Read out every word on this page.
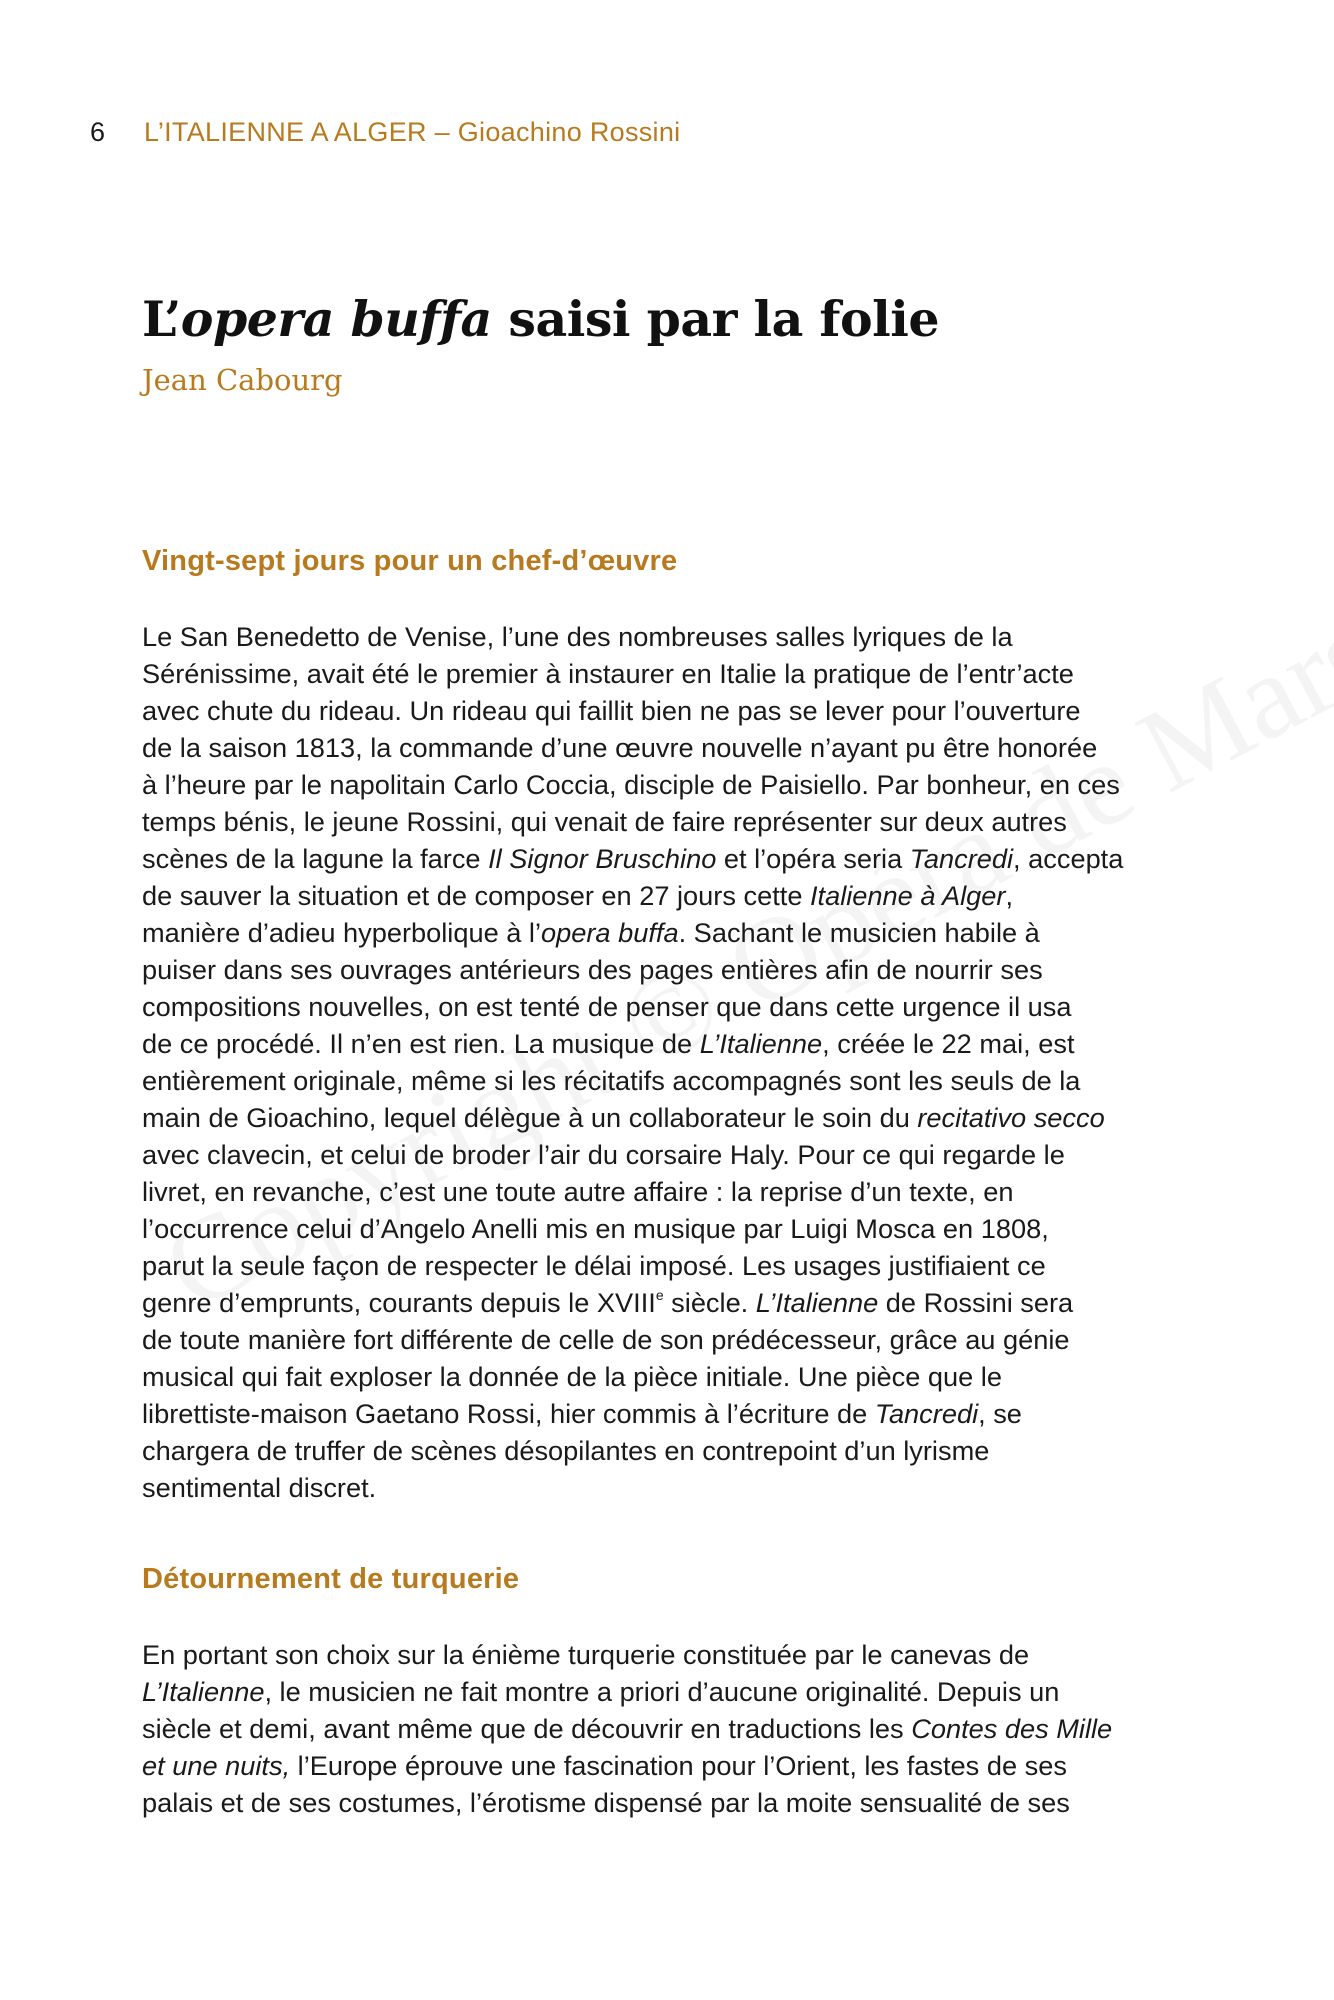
6 L’ITALIENNE A ALGER – Gioachino Rossini
L’opera buffa saisi par la folie
Jean Cabourg
Vingt-sept jours pour un chef-d’œuvre
Le San Benedetto de Venise, l’une des nombreuses salles lyriques de la
Sérénissime, avait été le premier à instaurer en Italie la pratique de l’entr’acte
avec chute du rideau. Un rideau qui faillit bien ne pas se lever pour l’ouverture
de la saison 1813, la commande d’une œuvre nouvelle n’ayant pu être honorée
à l’heure par le napolitain Carlo Coccia, disciple de Paisiello. Par bonheur, en ces
temps bénis, le jeune Rossini, qui venait de faire représenter sur deux autres
scènes de la lagune la farce Il Signor Bruschino et l’opéra seria Tancredi, accepta
de sauver la situation et de composer en 27 jours cette Italienne à Alger,
manière d’adieu hyperbolique à l’opera buffa. Sachant le musicien habile à
puiser dans ses ouvrages antérieurs des pages entières afin de nourrir ses
compositions nouvelles, on est tenté de penser que dans cette urgence il usa
de ce procédé. Il n’en est rien. La musique de L’Italienne, créée le 22 mai, est
entièrement originale, même si les récitatifs accompagnés sont les seuls de la
main de Gioachino, lequel délègue à un collaborateur le soin du recitativo secco
avec clavecin, et celui de broder l’air du corsaire Haly. Pour ce qui regarde le
livret, en revanche, c’est une toute autre affaire : la reprise d’un texte, en
l’occurrence celui d’Angelo Anelli mis en musique par Luigi Mosca en 1808,
parut la seule façon de respecter le délai imposé. Les usages justifiaient ce
genre d’emprunts, courants depuis le XVIIIe siècle. L’Italienne de Rossini sera
de toute manière fort différente de celle de son prédécesseur, grâce au génie
musical qui fait exploser la donnée de la pièce initiale. Une pièce que le
librettiste-maison Gaetano Rossi, hier commis à l’écriture de Tancredi, se
chargera de truffer de scènes désopilantes en contrepoint d’un lyrisme
sentimental discret.
Détournement de turquerie
En portant son choix sur la énième turquerie constituée par le canevas de
L’Italienne, le musicien ne fait montre a priori d’aucune originalité. Depuis un
siècle et demi, avant même que de découvrir en traductions les Contes des Mille
et une nuits, l’Europe éprouve une fascination pour l’Orient, les fastes de ses
palais et de ses costumes, l’érotisme dispensé par la moite sensualité de ses
